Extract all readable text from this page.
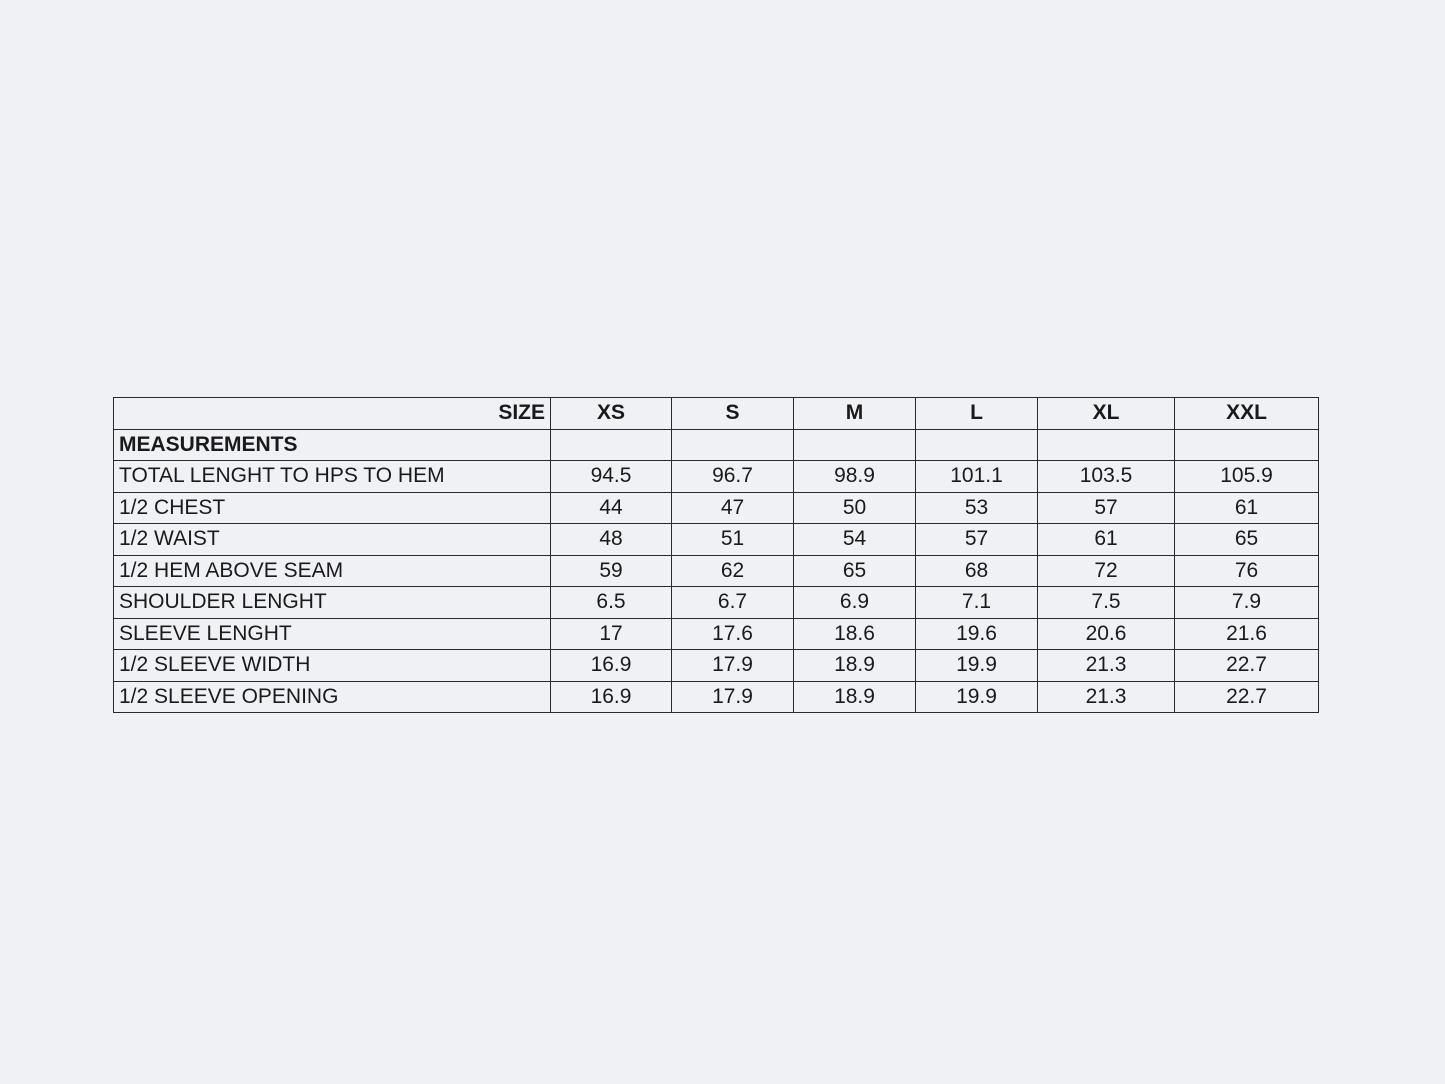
SIZE	XS	S	M	L	XL	XXL
MEASUREMENTS						
TOTAL LENGHT TO HPS TO HEM	94.5	96.7	98.9	101.1	103.5	105.9
1/2 CHEST	44	47	50	53	57	61
1/2 WAIST	48	51	54	57	61	65
1/2 HEM ABOVE SEAM	59	62	65	68	72	76
SHOULDER LENGHT	6.5	6.7	6.9	7.1	7.5	7.9
SLEEVE LENGHT	17	17.6	18.6	19.6	20.6	21.6
1/2 SLEEVE WIDTH	16.9	17.9	18.9	19.9	21.3	22.7
1/2 SLEEVE OPENING	16.9	17.9	18.9	19.9	21.3	22.7
